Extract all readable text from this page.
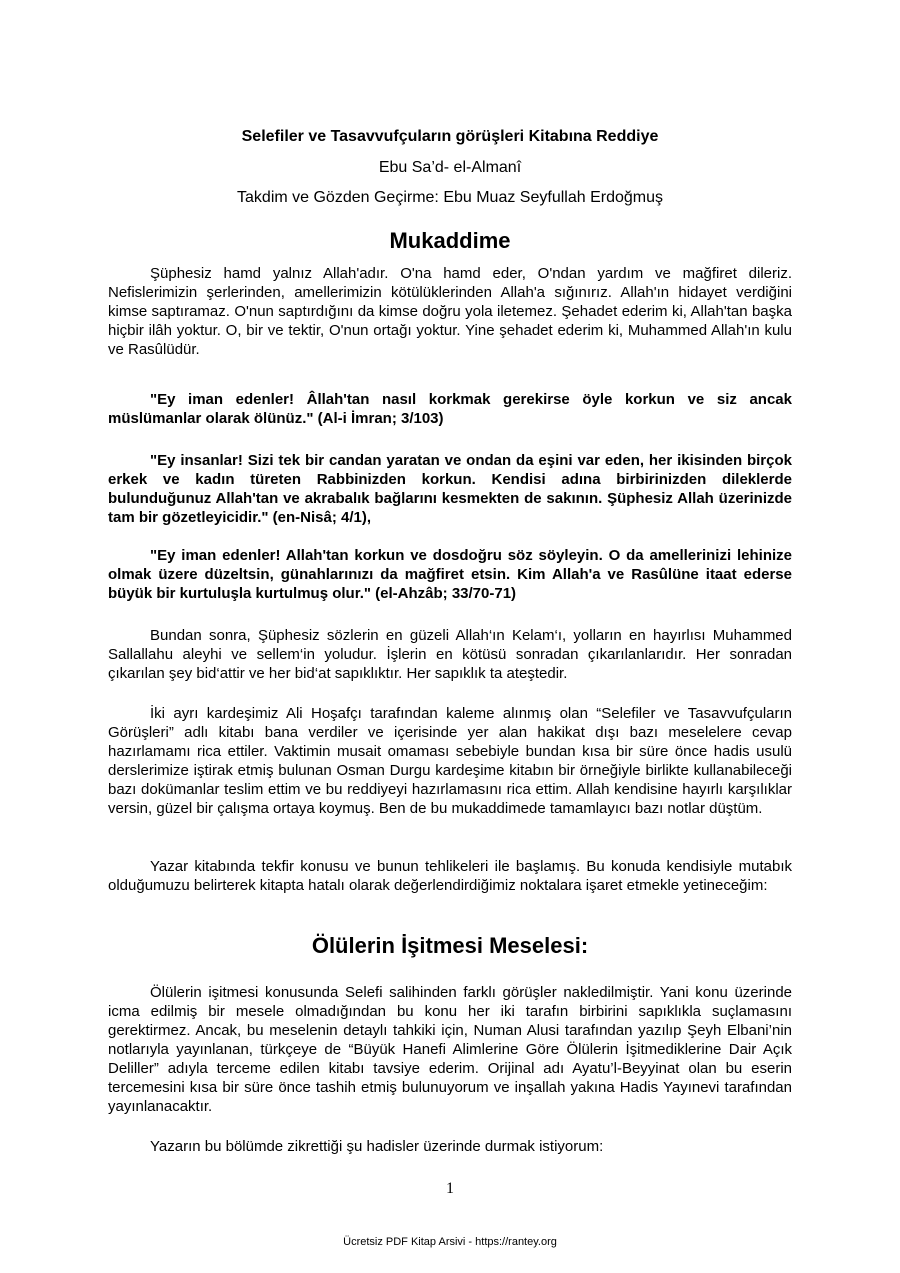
Selefiler ve Tasavvufçuların görüşleri Kitabına Reddiye
Ebu Sa’d- el-Almanî
Takdim ve Gözden Geçirme: Ebu Muaz Seyfullah Erdoğmuş
Mukaddime

Şüphesiz hamd yalnız Allah'adır. O'na hamd eder, O'ndan yardım ve mağfiret dileriz. Nefislerimizin şerlerinden, amellerimizin kötülüklerinden Allah'a sığınırız. Allah'ın hidayet verdiğini kimse saptıramaz. O'nun saptırdığını da kimse doğru yola iletemez. Şehadet ederim ki, Allah'tan başka hiçbir ilâh yoktur. O, bir ve tektir, O'nun ortağı yoktur. Yine şehadet ederim ki, Muhammed Allah'ın kulu ve Rasûlüdür.

"Ey iman edenler! Âllah'tan nasıl korkmak gerekirse öyle korkun ve siz ancak müslümanlar olarak ölünüz." (Al-i İmran; 3/103)

"Ey insanlar! Sizi tek bir candan yaratan ve ondan da eşini var eden, her ikisinden birçok erkek ve kadın türeten Rabbinizden korkun. Kendisi adına birbirinizden dileklerde bulunduğunuz Allah'tan ve akrabalık bağlarını kesmekten de sakının. Şüphesiz Allah üzerinizde tam bir gözetleyicidir." (en-Nisâ; 4/1),

"Ey iman edenler! Allah'tan korkun ve dosdoğru söz söyleyin. O da amellerinizi lehinize olmak üzere düzeltsin, günahlarınızı da mağfiret etsin. Kim Allah'a ve Rasûlüne itaat ederse büyük bir kurtuluşla kurtulmuş olur." (el-Ahzâb; 33/70-71)

Bundan sonra, Şüphesiz sözlerin en güzeli Allah‘ın Kelam‘ı, yolların en hayırlısı Muhammed Sallallahu aleyhi ve sellem‘in yoludur. İşlerin en kötüsü sonradan çıkarılanlarıdır. Her sonradan çıkarılan şey bid‘attir ve her bid‘at sapıklıktır. Her sapıklık ta ateştedir.

İki ayrı kardeşimiz Ali Hoşafçı tarafından kaleme alınmış olan “Selefiler ve Tasavvufçuların Görüşleri” adlı kitabı bana verdiler ve içerisinde yer alan hakikat dışı bazı meselelere cevap hazırlamamı rica ettiler. Vaktimin musait omaması sebebiyle bundan kısa bir süre önce hadis usulü derslerimize iştirak etmiş bulunan Osman Durgu kardeşime kitabın bir örneğiyle birlikte kullanabileceği bazı dokümanlar teslim ettim ve bu reddiyeyi hazırlamasını rica ettim. Allah kendisine hayırlı karşılıklar versin, güzel bir çalışma ortaya koymuş. Ben de bu mukaddimede tamamlayıcı bazı notlar düştüm.

Yazar kitabında tekfir konusu ve bunun tehlikeleri ile başlamış. Bu konuda kendisiyle mutabık olduğumuzu belirterek kitapta hatalı olarak değerlendirdiğimiz noktalara işaret etmekle yetineceğim:

Ölülerin İşitmesi Meselesi:

Ölülerin işitmesi konusunda Selefi salihinden farklı görüşler nakledilmiştir. Yani konu üzerinde icma edilmiş bir mesele olmadığından bu konu her iki tarafın birbirini sapıklıkla suçlamasını gerektirmez. Ancak, bu meselenin detaylı tahkiki için, Numan Alusi tarafından yazılıp Şeyh Elbani’nin notlarıyla yayınlanan, türkçeye de “Büyük Hanefi Alimlerine Göre Ölülerin İşitmediklerine Dair Açık Deliller” adıyla terceme edilen kitabı tavsiye ederim. Orijinal adı Ayatu’l-Beyyinat olan bu eserin tercemesini kısa bir süre önce tashih etmiş bulunuyorum ve inşallah yakına Hadis Yayınevi tarafından yayınlanacaktır.

Yazarın bu bölümde zikrettiği şu hadisler üzerinde durmak istiyorum:

1
Ücretsiz PDF Kitap Arsivi - https://rantey.org
